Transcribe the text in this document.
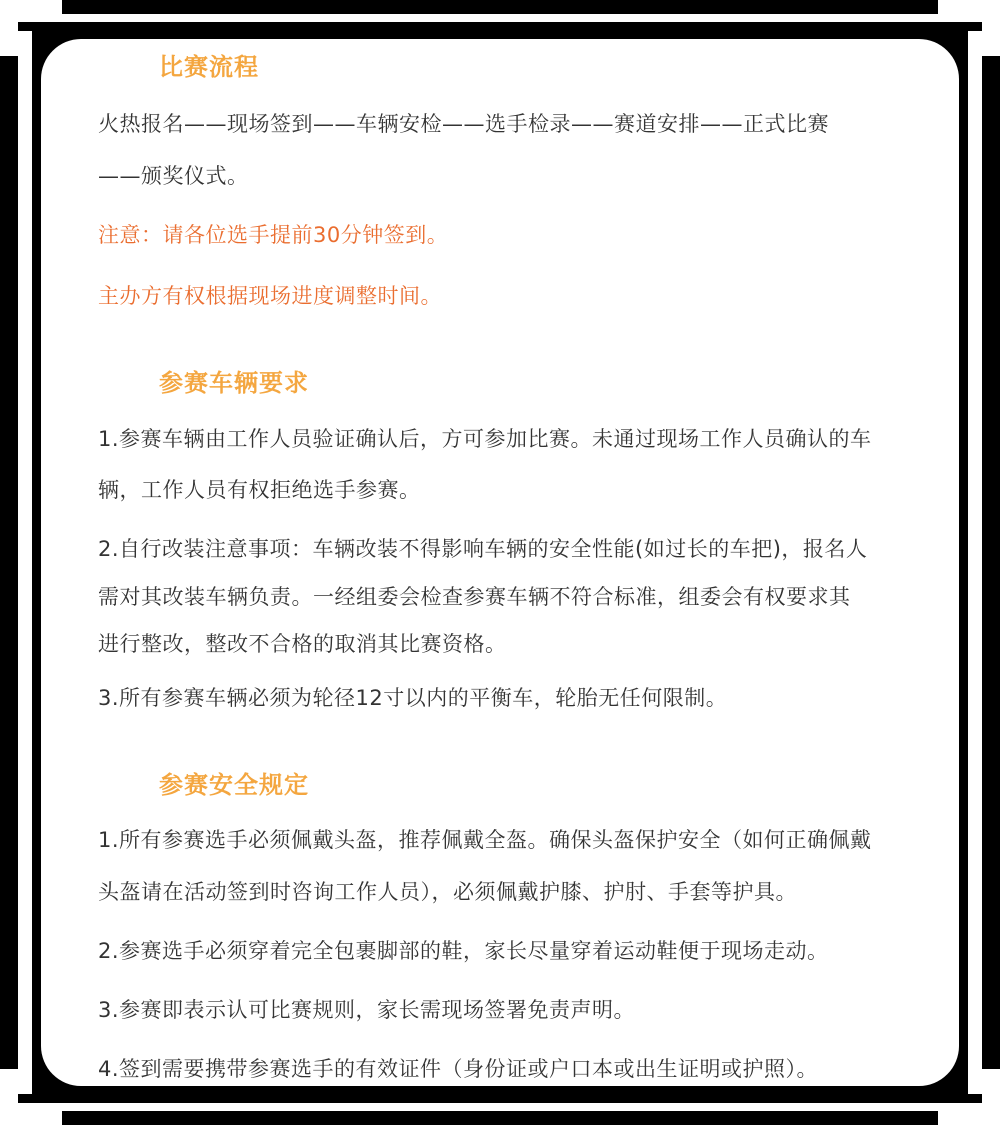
比赛流程
火热报名——现场签到——车辆安检——选手检录——赛道安排——正式比赛
——颁奖仪式。
注意：请各位选手提前30分钟签到。
主办方有权根据现场进度调整时间。
参赛车辆要求
1.参赛车辆由工作人员验证确认后，方可参加比赛。未通过现场工作人员确认的车
辆，工作人员有权拒绝选手参赛。
2.自行改装注意事项：车辆改装不得影响车辆的安全性能(如过长的车把)，报名人
需对其改装车辆负责。一经组委会检查参赛车辆不符合标准，组委会有权要求其
进行整改，整改不合格的取消其比赛资格。
3.所有参赛车辆必须为轮径12寸以内的平衡车，轮胎无任何限制。
参赛安全规定
1.所有参赛选手必须佩戴头盔，推荐佩戴全盔。确保头盔保护安全（如何正确佩戴
头盔请在活动签到时咨询工作人员），必须佩戴护膝、护肘、手套等护具。
2.参赛选手必须穿着完全包裹脚部的鞋，家长尽量穿着运动鞋便于现场走动。
3.参赛即表示认可比赛规则，家长需现场签署免责声明。
4.签到需要携带参赛选手的有效证件（身份证或户口本或出生证明或护照）。
